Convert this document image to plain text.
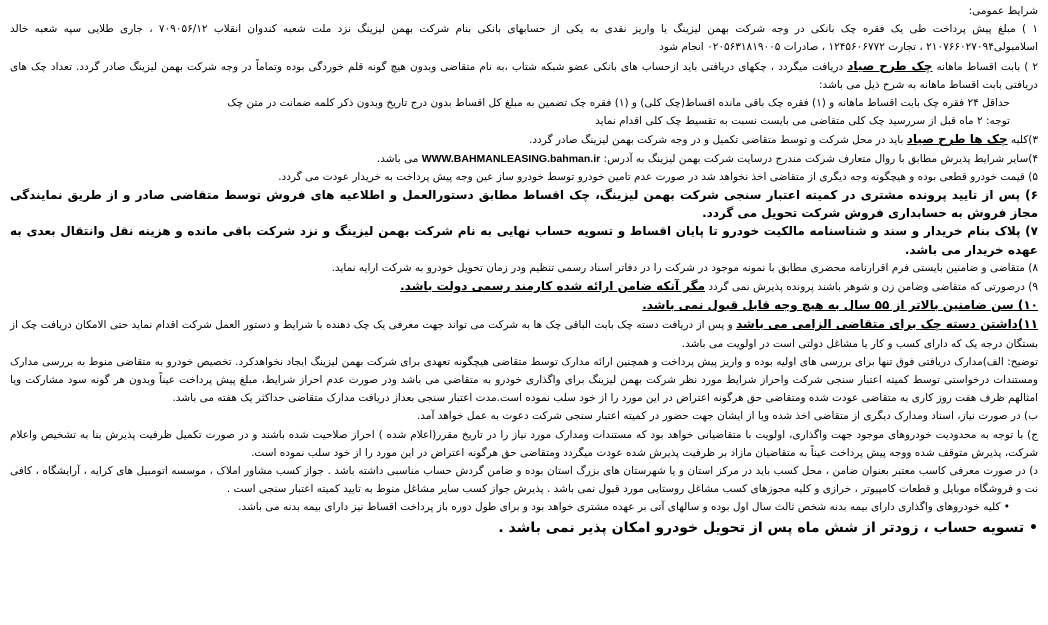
شرایط عمومی:

۱ ) مبلغ پیش پرداخت طی یک فقره چک بانکی در وجه شرکت بهمن لیزینگ یا واریز نقدی به یکی از حسابهای بانکی بنام شرکت بهمن لیزینگ نزد ملت شعبه کندوان انقلاب ۷۰۹۰۵۶/۱۲ ، جاری طلایی سپه شعبه خالد اسلامبولی۲۱۰۷۶۶۰۲۷۰۹۴ ، تجارت ۱۲۴۵۶۰۶۷۷۲ ، صادرات ۰۲۰۵۶۳۱۸۱۹۰۰۵ انجام شود

۲ ) بابت اقساط ماهانه چک طرح صیاد دریافت میگردد ، چکهای دریافتی باید ازحساب های بانکی عضو شبکه شتاب ،به نام متقاضی وبدون هیچ گونه قلم خوردگی بوده وتماماً در وجه شرکت بهمن لیزینگ صادر گردد. تعداد چک های دریافتی بابت اقساط ماهانه به شرح ذیل می باشد:

حداقل ۲۴ فقره چک بابت اقساط ماهانه و (۱) فقره چک باقی مانده اقساط(چک کلی) و (۱) فقره چک تضمین به مبلغ کل اقساط بدون درج تاریخ وبدون ذکر کلمه ضمانت در متن چک

توجه: ۲ ماه قبل از سررسید چک کلی متقاضی می بایست نسبت به تقسیط چک کلی اقدام نماید

۳)کلیه چک ها طرح صیاد باید در محل شرکت و توسط متقاضی تکمیل و در وجه شرکت بهمن لیزینگ صادر گردد.

۴)سایر شرایط پذیرش مطابق با روال متعارف شرکت مندرج درسایت شرکت بهمن لیزینگ به آدرس: WWW.BAHMANLEASING.bahman.ir می باشد.

۵) قیمت خودرو قطعی بوده و هیچگونه وجه دیگری از متقاضی اخذ نخواهد شد در صورت عدم تامین خودرو توسط خودرو ساز عین وجه پیش پرداخت به خریدار عودت می گردد.

۶) پس از تایید پرونده مشتری در کمیته اعتبار سنجی شرکت بهمن لیزینگ، چک اقساط مطابق دستورالعمل و اطلاعیه های فروش توسط متقاضی صادر و از طریق نمایندگی مجاز فروش به حسابداری فروش شرکت تحویل می گردد.

۷) پلاک بنام خریدار و سند و شناسنامه مالکیت خودرو تا پایان اقساط و تسویه حساب نهایی به نام شرکت بهمن لیزینگ و نزد شرکت باقی مانده و هزینه نقل وانتقال بعدی به عهده خریدار می باشد.

۸) متقاضی و ضامنین بایستی فرم اقرارنامه محضری مطابق با نمونه موجود در شرکت را در دفاتر اسناد رسمی تنظیم ودر زمان تحویل خودرو به شرکت ارایه نماید.

۹) درصورتی که متقاضی وضامن زن و شوهر باشند پرونده پذیرش نمی گردد مگر آنکه ضامن ارائه شده کارمند رسمی دولت باشد.

۱۰) سن ضامنین بالاتر از ۵۵ سال به هیچ وجه قابل قبول نمی باشد.

۱۱)داشتن دسته چک برای متقاضی الزامی می باشد و پس از دریافت دسته چک بابت الباقی چک ها به شرکت می تواند جهت معرفی یک چک دهنده با شرایط و دستور العمل شرکت اقدام نماید حتی الامکان دریافت چک از بستگان درجه یک که دارای کسب و کار یا مشاغل دولتی است در اولویت می باشد.

توضیح: الف)مدارک دریافتی فوق تنها برای بررسی های اولیه بوده و واریز پیش پرداخت و همچنین ارائه مدارک توسط متقاضی هیچگونه تعهدی برای شرکت بهمن لیزینگ ایجاد نخواهدکرد. تخصیص خودرو به متقاضی منوط به بررسی مدارک ومستندات درخواستی توسط کمیته اعتبار سنجی شرکت واحراز شرایط مورد نظر شرکت بهمن لیزینگ برای واگذاری خودرو به متقاضی می باشد ودر صورت عدم احراز شرایط، مبلغ پیش پرداخت عیناً وبدون هر گونه سود مشارکت ویا امثالهم ظرف هفت روز کاری به متقاضی عودت شده ومتقاضی حق هرگونه اعتراض در این مورد را از خود سلب نموده است.مدت اعتبار سنجی بعداز دریافت مدارک متقاضی حداکثر یک هفته می باشد.

ب) در صورت نیاز، اسناد ومدارک دیگری از متقاضی اخذ شده ویا از ایشان جهت حضور در کمیته اعتبار سنجی شرکت دعوت به عمل خواهد آمد.

ج) با توجه به محدودیت خودروهای موجود جهت واگذاری، اولویت با متقاضیانی خواهد بود که مستندات ومدارک مورد نیاز را در تاریخ مقرر(اعلام شده ) احراز صلاحیت شده باشند و در صورت تکمیل ظرفیت پذیرش بنا به تشخیص واعلام شرکت، پذیرش متوقف شده ووجه پیش پرداخت عیناً به متقاضیان مازاد بر ظرفیت پذیرش شده عودت میگردد ومتقاضی حق هرگونه اعتراض در این مورد را از خود سلب نموده است.

د) در صورت معرفی کاسب معتبر بعنوان ضامن ، محل کسب باید در مرکز استان و یا شهرستان های بزرگ استان بوده و ضامن گردش حساب مناسبی داشته باشد . جواز کسب مشاور املاک ، موسسه اتومبیل های کرایه ، آرایشگاه ، کافی نت و فروشگاه موبایل و قطعات کامپیوتر ، خرازی و کلیه مجوزهای کسب مشاغل روستایی مورد قبول نمی باشد . پذیرش جواز کسب سایر مشاغل منوط به تایید کمیته اعتبار سنجی است .

• کلیه خودروهای واگذاری دارای بیمه بدنه شخص ثالث سال اول بوده و سالهای آتی بر عهده مشتری خواهد بود و برای طول دوره باز پرداخت اقساط نیز دارای بیمه بدنه می باشد.

• تسویه حساب ، زودتر از شش ماه پس از تحویل خودرو امکان پذیر نمی باشد .
